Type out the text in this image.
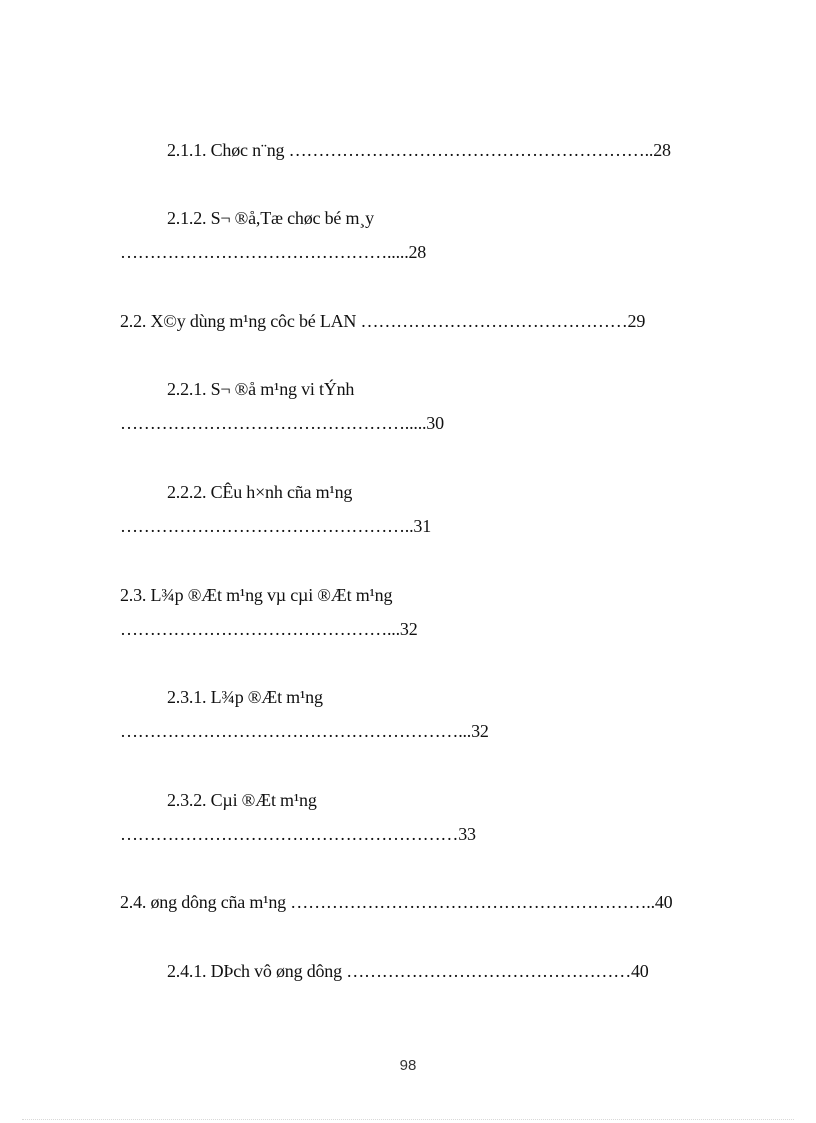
2.1.1. Chøc n¨ng ……………………………………………………..28
2.1.2. S¬ ®å,Tæ chøc bé m¸y
……………………………………….....28
2.2. X©y dùng m¹ng côc bé LAN ………………………………………29
2.2.1. S¬ ®å m¹ng vi tÝnh
………………………………………….....30
2.2.2. CÊu h×nh cña m¹ng
…………………………………………..31
2.3. L¾p ®Æt m¹ng vµ cµi ®Æt m¹ng
………………………………………...32
2.3.1. L¾p ®Æt m¹ng
…………………………………………………...32
2.3.2. Cµi ®Æt m¹ng
…………………………………………………33
2.4. øng dông cña m¹ng ……………………………………………………..40
2.4.1. DÞch vô øng dông …………………………………………40
98
